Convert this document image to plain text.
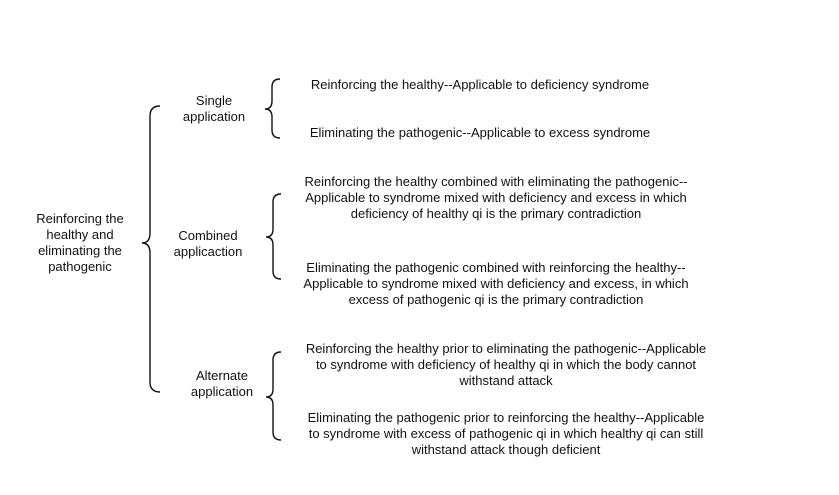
Reinforcing the
healthy and
eliminating the
pathogenic
Single
application
Combined
applicaction
Alternate
application
Reinforcing the healthy--Applicable to deficiency syndrome
Eliminating the pathogenic--Applicable to excess syndrome
Reinforcing the healthy combined with eliminating the pathogenic--
Applicable to syndrome mixed with deficiency and excess in which
deficiency of healthy qi is the primary contradiction
Eliminating the pathogenic combined with reinforcing the healthy--
Applicable to syndrome mixed with deficiency and excess, in which
excess of pathogenic qi is the primary contradiction
Reinforcing the healthy prior to eliminating the pathogenic--Applicable
to syndrome with deficiency of healthy qi in which the body cannot
withstand attack
Eliminating the pathogenic prior to reinforcing the healthy--Applicable
to syndrome with excess of pathogenic qi in which healthy qi can still
withstand attack though deficient
